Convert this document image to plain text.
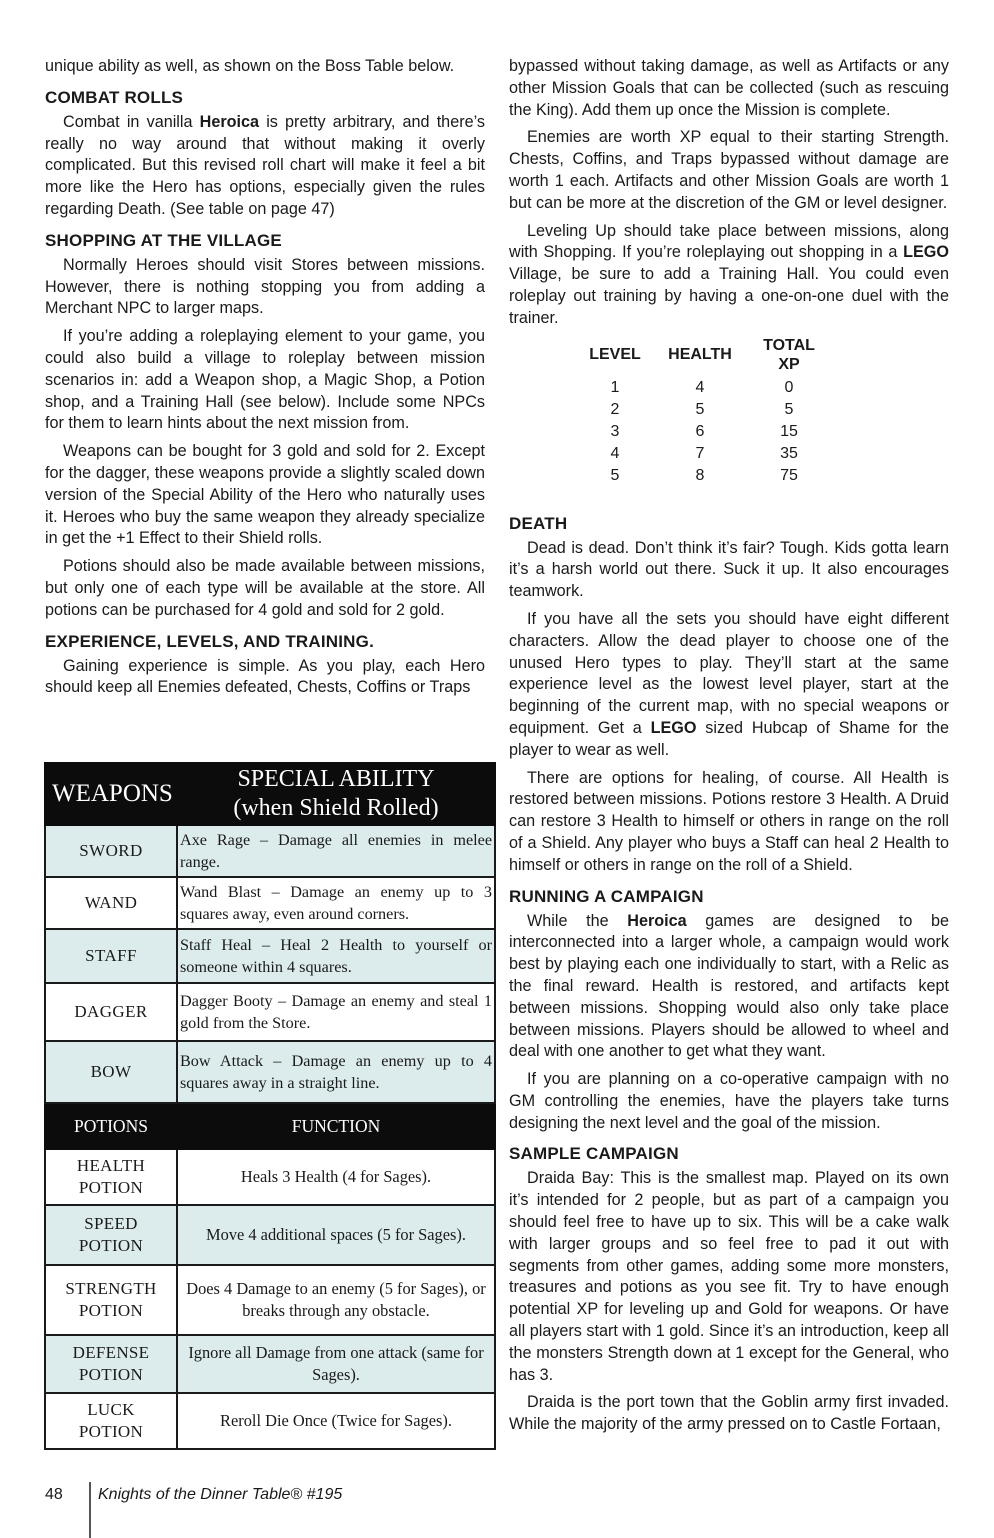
unique ability as well, as shown on the Boss Table below.

COMBAT ROLLS

Combat in vanilla Heroica is pretty arbitrary, and there’s really no way around that without making it overly complicated. But this revised roll chart will make it feel a bit more like the Hero has options, especially given the rules regarding Death. (See table on page 47)

SHOPPING AT THE VILLAGE

Normally Heroes should visit Stores between missions. However, there is nothing stopping you from adding a Merchant NPC to larger maps.

If you’re adding a roleplaying element to your game, you could also build a village to roleplay between mission scenarios in: add a Weapon shop, a Magic Shop, a Potion shop, and a Training Hall (see below). Include some NPCs for them to learn hints about the next mission from.

Weapons can be bought for 3 gold and sold for 2. Except for the dagger, these weapons provide a slightly scaled down version of the Special Ability of the Hero who naturally uses it. Heroes who buy the same weapon they already specialize in get the +1 Effect to their Shield rolls.

Potions should also be made available between missions, but only one of each type will be available at the store. All potions can be purchased for 4 gold and sold for 2 gold.

EXPERIENCE, LEVELS, AND TRAINING.

Gaining experience is simple. As you play, each Hero should keep all Enemies defeated, Chests, Coffins or Traps

WEAPONS	SPECIAL ABILITY
(when Shield Rolled)
SWORD	Axe Rage – Damage all enemies in melee range.
WAND	Wand Blast – Damage an enemy up to 3 squares away, even around corners.
STAFF	Staff Heal – Heal 2 Health to yourself or someone within 4 squares.
DAGGER	Dagger Booty – Damage an enemy and steal 1 gold from the Store.
BOW	Bow Attack – Damage an enemy up to 4 squares away in a straight line.
POTIONS	FUNCTION
HEALTH
POTION	Heals 3 Health (4 for Sages).
SPEED
POTION	Move 4 additional spaces (5 for Sages).
STRENGTH
POTION	Does 4 Damage to an enemy (5 for Sages), or breaks through any obstacle.
DEFENSE
POTION	Ignore all Damage from one attack (same for Sages).
LUCK
POTION	Reroll Die Once (Twice for Sages).

bypassed without taking damage, as well as Artifacts or any other Mission Goals that can be collected (such as rescuing the King). Add them up once the Mission is complete.

Enemies are worth XP equal to their starting Strength. Chests, Coffins, and Traps bypassed without damage are worth 1 each. Artifacts and other Mission Goals are worth 1 but can be more at the discretion of the GM or level designer.

Leveling Up should take place between missions, along with Shopping. If you’re roleplaying out shopping in a LEGO Village, be sure to add a Training Hall. You could even roleplay out training by having a one-on-one duel with the trainer.

LEVEL	HEALTH	TOTAL XP
1	4	0
2	5	5
3	6	15
4	7	35
5	8	75
DEATH

Dead is dead. Don’t think it’s fair? Tough. Kids gotta learn it’s a harsh world out there. Suck it up. It also encourages teamwork.

If you have all the sets you should have eight different characters. Allow the dead player to choose one of the unused Hero types to play. They’ll start at the same experience level as the lowest level player, start at the beginning of the current map, with no special weapons or equipment. Get a LEGO sized Hubcap of Shame for the player to wear as well.

There are options for healing, of course. All Health is restored between missions. Potions restore 3 Health. A Druid can restore 3 Health to himself or others in range on the roll of a Shield. Any player who buys a Staff can heal 2 Health to himself or others in range on the roll of a Shield.

RUNNING A CAMPAIGN

While the Heroica games are designed to be interconnected into a larger whole, a campaign would work best by playing each one individually to start, with a Relic as the final reward. Health is restored, and artifacts kept between missions. Shopping would also only take place between missions. Players should be allowed to wheel and deal with one another to get what they want.

If you are planning on a co-operative campaign with no GM controlling the enemies, have the players take turns designing the next level and the goal of the mission.

SAMPLE CAMPAIGN

Draida Bay: This is the smallest map. Played on its own it’s intended for 2 people, but as part of a campaign you should feel free to have up to six. This will be a cake walk with larger groups and so feel free to pad it out with segments from other games, adding some more monsters, treasures and potions as you see fit. Try to have enough potential XP for leveling up and Gold for weapons. Or have all players start with 1 gold. Since it’s an introduction, keep all the monsters Strength down at 1 except for the General, who has 3.

Draida is the port town that the Goblin army first invaded. While the majority of the army pressed on to Castle Fortaan,

48 Knights of the Dinner Table® #195
